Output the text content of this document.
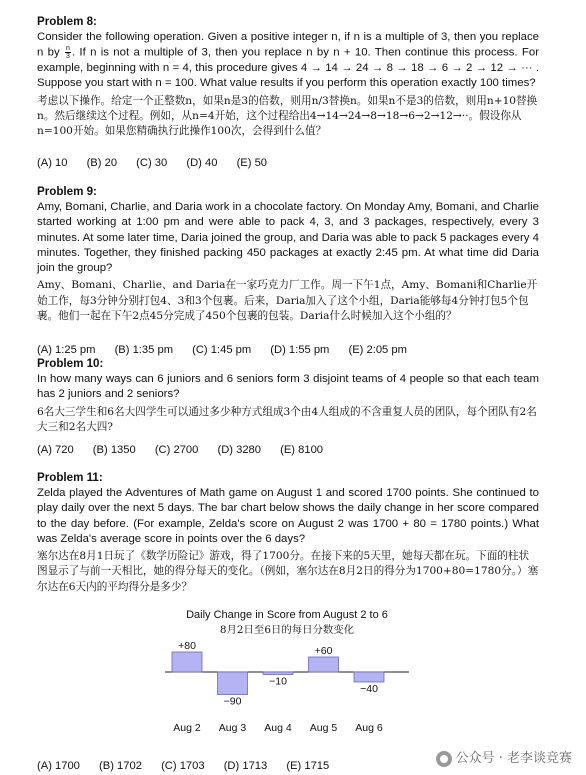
Problem 8:
Consider the following operation. Given a positive integer n, if n is a multiple of 3, then you replace n by $\frac{n}{3}$ . If n is not a multiple of 3, then you replace n by n + 10. Then continue this process. For example, beginning with n = 4, this procedure gives 4 → 14 → 24 → 8 → 18 → 6 → 2 → 12 → ··· . Suppose you start with n = 100. What value results if you perform this operation exactly 100 times?
考虑以下操作。给定一个正整数n，如果n是3的倍数，则用n/3替换n。如果n不是3的倍数，则用n+10替换n。然后继续这个过程。例如，从n=4开始，这个过程给出4→14→24→8→18→6→2→12→··。假设你从n=100开始。如果您精确执行此操作100次，会得到什么值？
(A) 10 (B) 20 (C) 30 (D) 40 (E) 50
Problem 9:
Amy, Bomani, Charlie, and Daria work in a chocolate factory. On Monday Amy, Bomani, and Charlie started working at 1:00 pm and were able to pack 4, 3, and 3 packages, respectively, every 3 minutes. At some later time, Daria joined the group, and Daria was able to pack 5 packages every 4 minutes. Together, they finished packing 450 packages at exactly 2:45 pm. At what time did Daria join the group?
Amy、Bomani、Charlie、and Daria在一家巧克力厂工作。周一下午1点，Amy、Bomani和Charlie开始工作，每3分钟分别打包4、3和3个包裹。后来，Daria加入了这个小组，Daria能够每4分钟打包5个包裹。他们一起在下午2点45分完成了450个包裹的包装。Daria什么时候加入这个小组的？
(A) 1:25 pm (B) 1:35 pm (C) 1:45 pm (D) 1:55 pm (E) 2:05 pm
Problem 10:
In how many ways can 6 juniors and 6 seniors form 3 disjoint teams of 4 people so that each team has 2 juniors and 2 seniors?
6名大三学生和6名大四学生可以通过多少种方式组成3个由4人组成的不含重复人员的团队，每个团队有2名大三和2名大四?
(A) 720 (B) 1350 (C) 2700 (D) 3280 (E) 8100
Problem 11:
Zelda played the Adventures of Math game on August 1 and scored 1700 points. She continued to play daily over the next 5 days. The bar chart below shows the daily change in her score compared to the day before. (For example, Zelda's score on August 2 was 1700 + 80 = 1780 points.) What was Zelda's average score in points over the 6 days?
塞尔达在8月1日玩了《数学历险记》游戏，得了1700分。在接下来的5天里，她每天都在玩。下面的柱状图显示了与前一天相比，她的得分每天的变化。（例如，塞尔达在8月2日的得分为1700+80=1780分。）塞尔达在6天内的平均得分是多少？
Daily Change in Score from August 2 to 6
8月2日至6日的每日分数变化
+80
Aug 2
−90
Aug 3
−10
Aug 4
+60
Aug 5
−40
Aug 6
(A) 1700 (B) 1702 (C) 1703 (D) 1713 (E) 1715	公众号 · 老李谈竞赛
